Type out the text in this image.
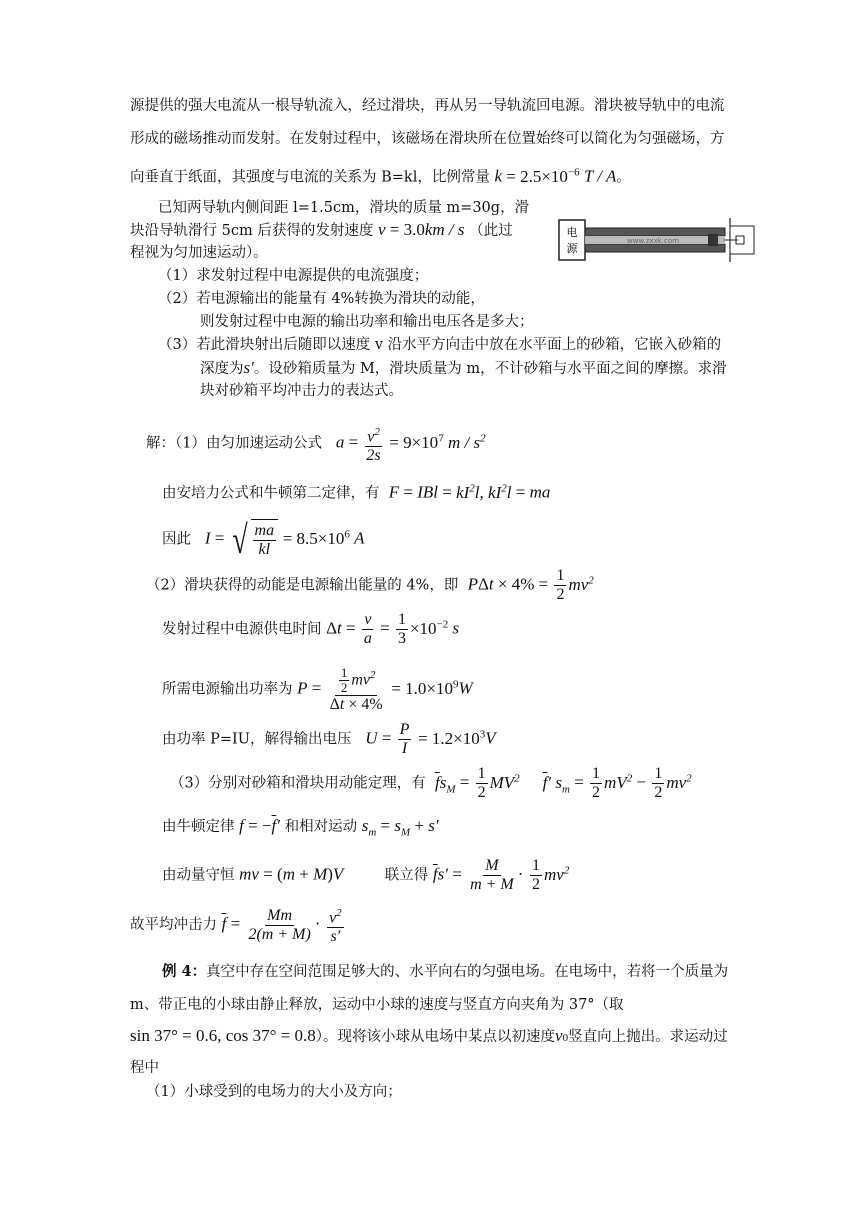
源提供的强大电流从一根导轨流入，经过滑块，再从另一导轨流回电源。滑块被导轨中的电流
形成的磁场推动而发射。在发射过程中，该磁场在滑块所在位置始终可以简化为匀强磁场，方
向垂直于纸面，其强度与电流的关系为 B=kl，比例常量 $k = 2.5\times 10^{-6}$ T / A。
已知两导轨内侧间距 l=1.5cm，滑块的质量 m=30g，滑
块沿导轨滑行 5cm 后获得的发射速度 v = 3.0km / s （此过
程视为匀加速运动）。
电
源
www.zxxk.com
（1）求发射过程中电源提供的电流强度；
（2）若电源输出的能量有 4%转换为滑块的动能，
则发射过程中电源的输出功率和输出电压各是多大；
（3）若此滑块射出后随即以速度 v 沿水平方向击中放在水平面上的砂箱，它嵌入砂箱的
深度为s′。设砂箱质量为 M，滑块质量为 m，不计砂箱与水平面之间的摩擦。求滑
块对砂箱平均冲击力的表达式。
解：（1）由匀加速运动公式 $a = \frac{v^2}{2s} = 9\times 10^7$ m / $s^2$
由安培力公式和牛顿第二定律，有 F = IBl = $kI^2l$, $kI^2l$ = ma
因此 I = √ $\frac{ma}{kl} = 8.5\times 10^6$ A
（2）滑块获得的动能是电源输出能量的 4%，即 $P\Delta t \times 4\% = \frac{1}{2} mv^2$
发射过程中电源供电时间 $\Delta t = \frac{v}{a} = \frac{1}{3} \times 10^{-2}$ s
所需电源输出功率为 $P = \frac{\frac{1}{2} mv^2}{\Delta t \times 4\%} = 1.0\times 10^9W$
由功率 P=IU，解得输出电压 $U = \frac{P}{I} = 1.2\times 10^3V$
（3）分别对砂箱和滑块用动能定理，有 $\overline{f}s_M = \frac{1}{2} MV^2$ $\overline{f}'$ $s_m = \frac{1}{2} mV^2 - \frac{1}{2} mv^2$
由牛顿定律 $f = -\overline{f}'$ 和相对运动 $s_m = s_M + s'$
由动量守恒 mv = (m + M)V	联立得 $\overline{f}s' = \frac{M}{m + M} \cdot \frac{1}{2} mv^2$
故平均冲击力 $\overline{f} = \frac{Mm}{2(m + M)} \cdot \frac{v^2}{s'}$
例 4：真空中存在空间范围足够大的、水平向右的匀强电场。在电场中，若将一个质量为
m、带正电的小球由静止释放，运动中小球的速度与竖直方向夹角为 37°（取
sin 37° = 0.6, cos 37° = 0.8）。现将该小球从电场中某点以初速度v0竖直向上抛出。求运动过
程中
（1）小球受到的电场力的大小及方向；
